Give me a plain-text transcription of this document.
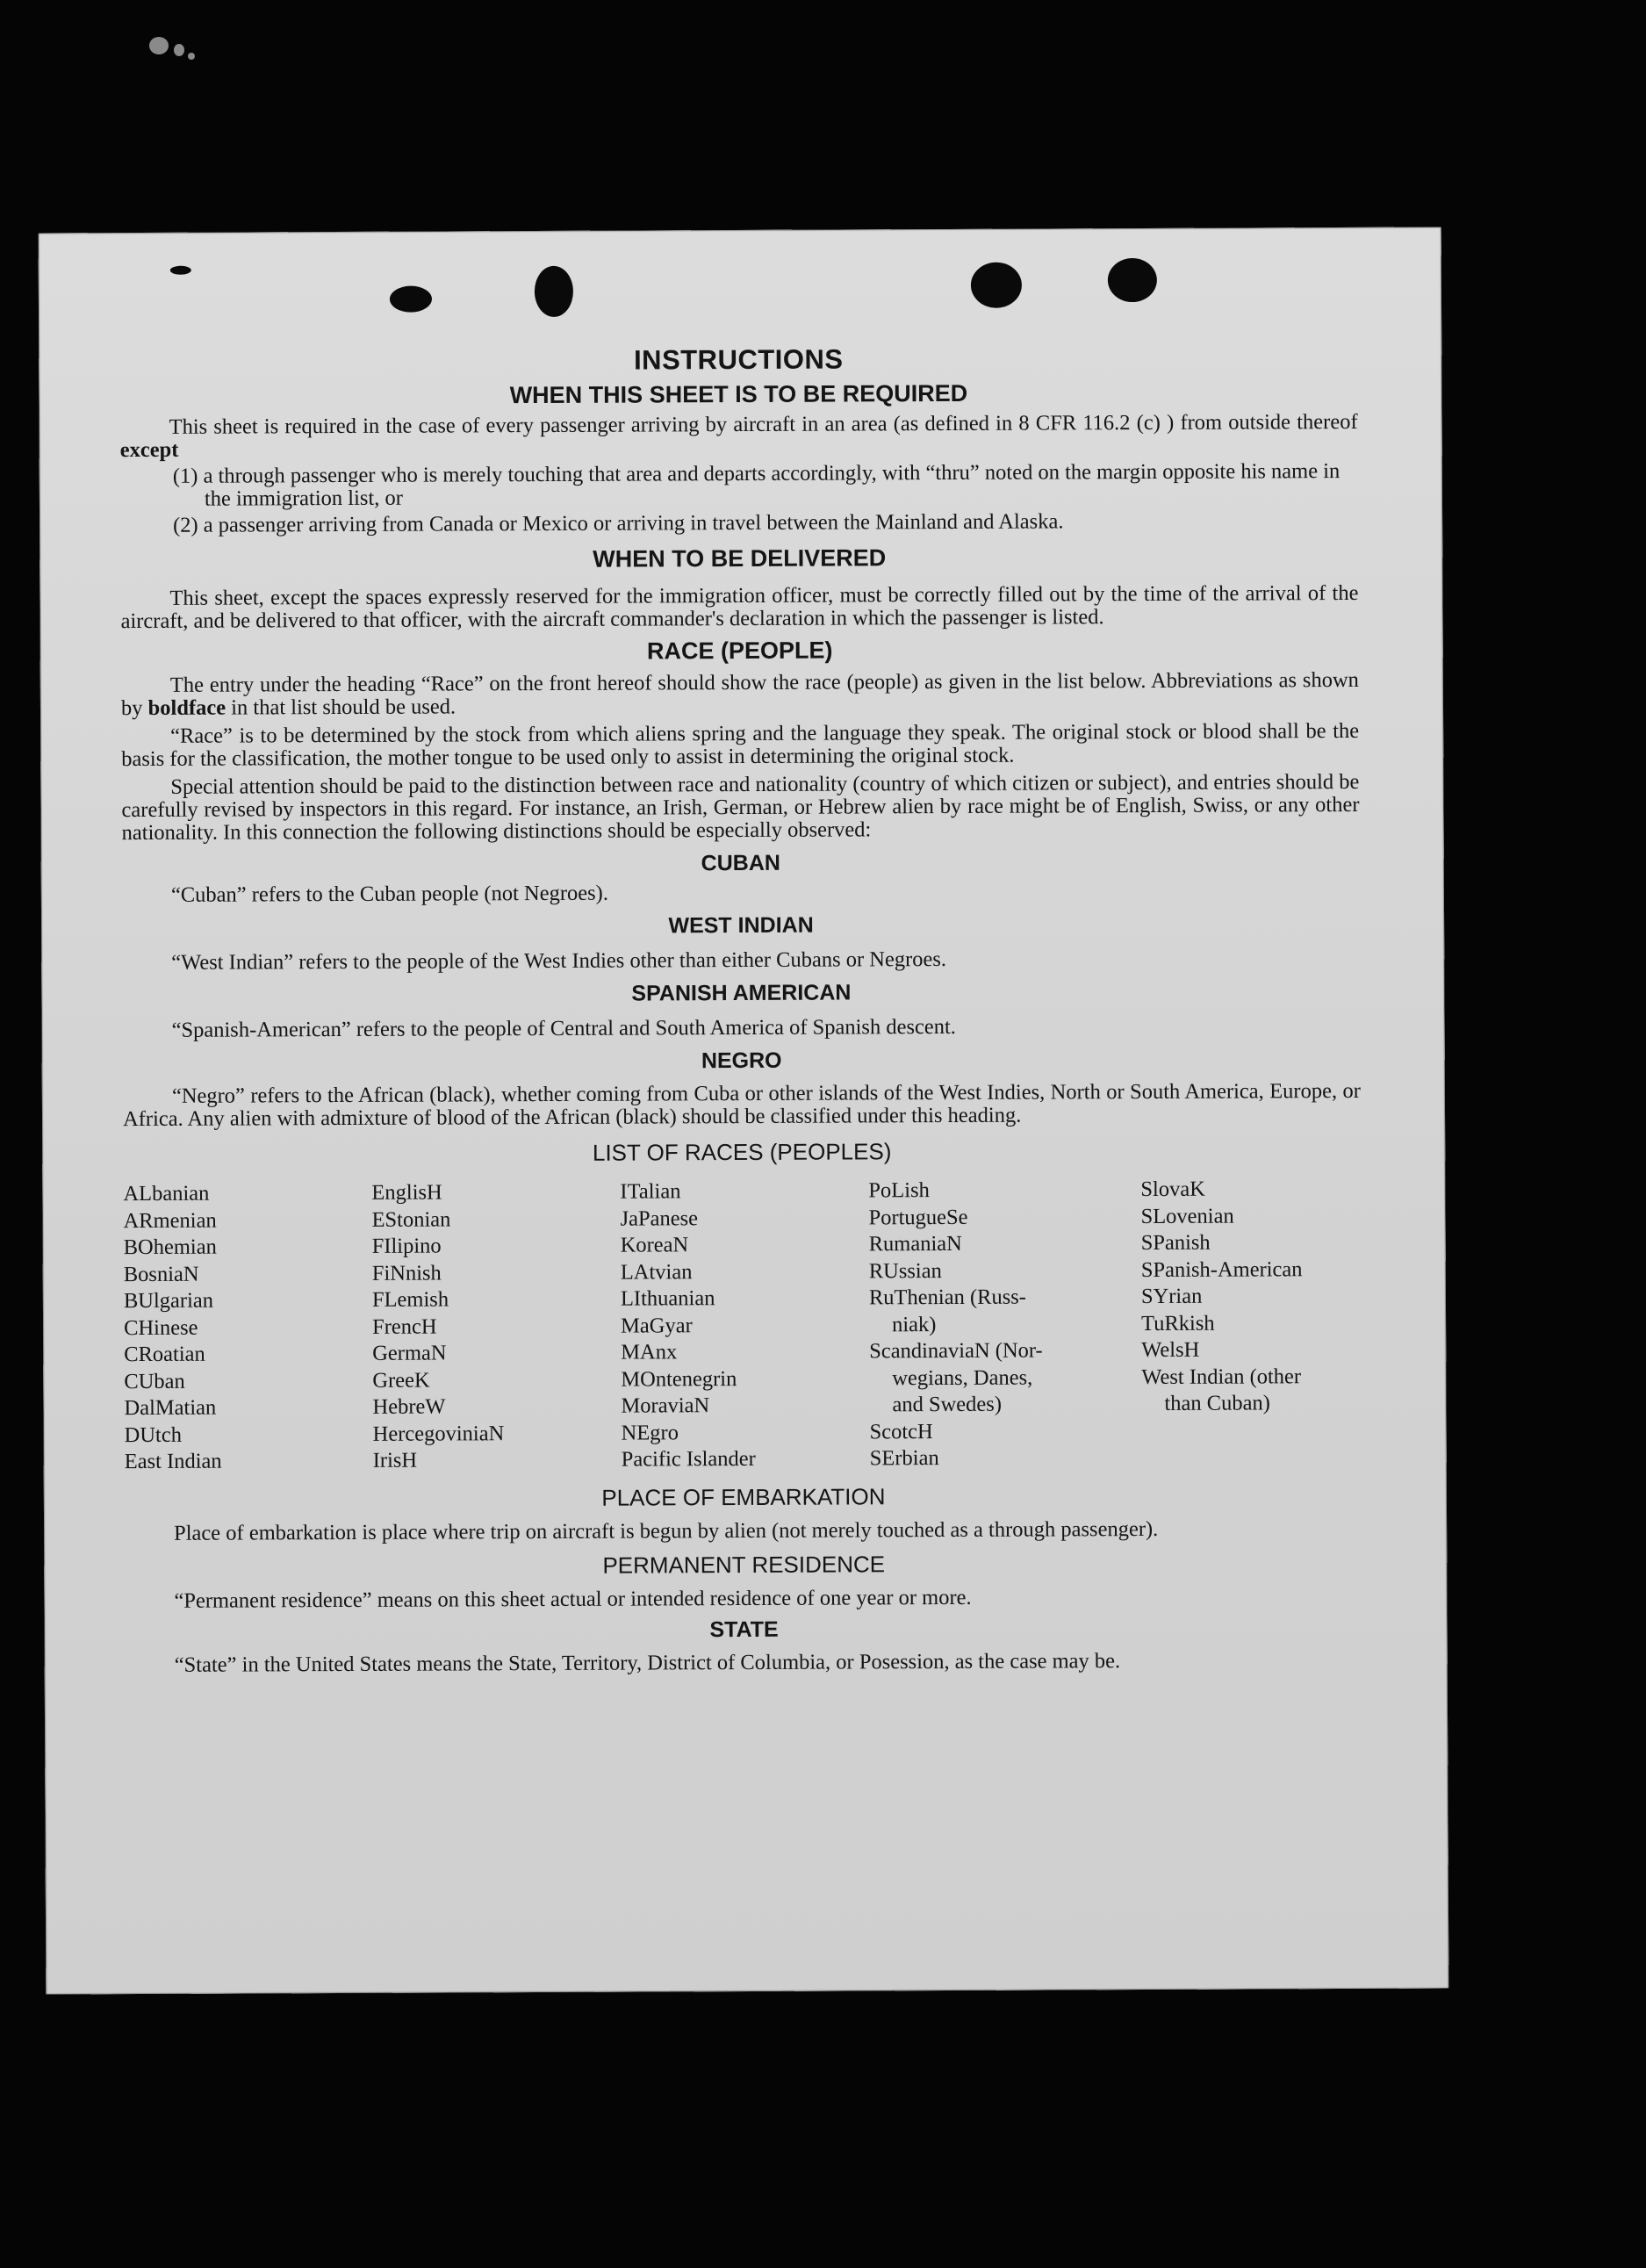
INSTRUCTIONS
WHEN THIS SHEET IS TO BE REQUIRED

This sheet is required in the case of every passenger arriving by aircraft in an area (as defined in 8 CFR 116.2 (c) ) from outside thereof except

(1) a through passenger who is merely touching that area and departs accordingly, with “thru” noted on the margin opposite his name in the immigration list, or

(2) a passenger arriving from Canada or Mexico or arriving in travel between the Mainland and Alaska.

WHEN TO BE DELIVERED

This sheet, except the spaces expressly reserved for the immigration officer, must be correctly filled out by the time of the arrival of the aircraft, and be delivered to that officer, with the aircraft commander's declaration in which the passenger is listed.

RACE (PEOPLE)

The entry under the heading “Race” on the front hereof should show the race (people) as given in the list below. Abbreviations as shown by boldface in that list should be used.

“Race” is to be determined by the stock from which aliens spring and the language they speak. The original stock or blood shall be the basis for the classification, the mother tongue to be used only to assist in determining the original stock.

Special attention should be paid to the distinction between race and nationality (country of which citizen or subject), and entries should be carefully revised by inspectors in this regard. For instance, an Irish, German, or Hebrew alien by race might be of English, Swiss, or any other nationality. In this connection the following distinctions should be especially observed:

CUBAN

“Cuban” refers to the Cuban people (not Negroes).

WEST INDIAN

“West Indian” refers to the people of the West Indies other than either Cubans or Negroes.

SPANISH AMERICAN

“Spanish-American” refers to the people of Central and South America of Spanish descent.

NEGRO

“Negro” refers to the African (black), whether coming from Cuba or other islands of the West Indies, North or South America, Europe, or Africa. Any alien with admixture of blood of the African (black) should be classified under this heading.

LIST OF RACES (PEOPLES)
ALbanian
ARmenian
BOhemian
BosniaN
BUlgarian
CHinese
CRoatian
CUban
DalMatian
DUtch
East Indian
EnglisH
EStonian
FIlipino
FiNnish
FLemish
FrencH
GermaN
GreeK
HebreW
HercegoviniaN
IrisH
ITalian
JaPanese
KoreaN
LAtvian
LIthuanian
MaGyar
MAnx
MOntenegrin
MoraviaN
NEgro
Pacific Islander
PoLish
PortugueSe
RumaniaN
RUssian
RuThenian (Russ-
niak)
ScandinaviaN (Nor-
wegians, Danes,
and Swedes)
ScotcH
SErbian
SlovaK
SLovenian
SPanish
SPanish-American
SYrian
TuRkish
WelsH
West Indian (other
than Cuban)
PLACE OF EMBARKATION

Place of embarkation is place where trip on aircraft is begun by alien (not merely touched as a through passenger).

PERMANENT RESIDENCE

“Permanent residence” means on this sheet actual or intended residence of one year or more.

STATE

“State” in the United States means the State, Territory, District of Columbia, or Posession, as the case may be.
